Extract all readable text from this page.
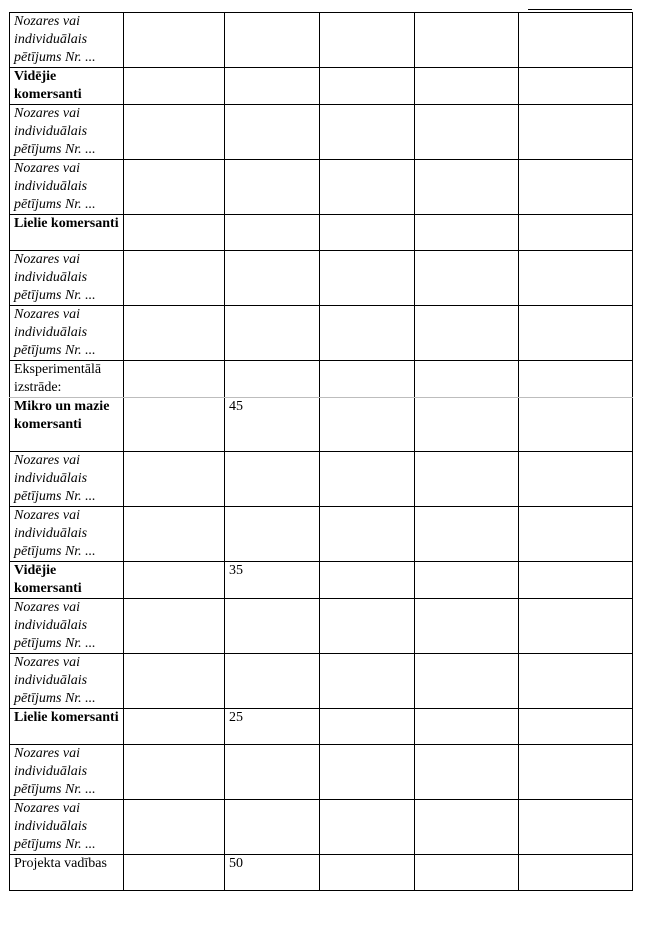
Nozares vai individuālais pētījums Nr. ...					
Vidējie komersanti					
Nozares vai individuālais pētījums Nr. ...					
Nozares vai individuālais pētījums Nr. ...					
Lielie komersanti					
Nozares vai individuālais pētījums Nr. ...					
Nozares vai individuālais pētījums Nr. ...					
Eksperimentālā izstrāde:					
Mikro un mazie komersanti		45			
Nozares vai individuālais pētījums Nr. ...					
Nozares vai individuālais pētījums Nr. ...					
Vidējie komersanti		35			
Nozares vai individuālais pētījums Nr. ...					
Nozares vai individuālais pētījums Nr. ...					
Lielie komersanti		25			
Nozares vai individuālais pētījums Nr. ...					
Nozares vai individuālais pētījums Nr. ...					
Projekta vadības		50			
